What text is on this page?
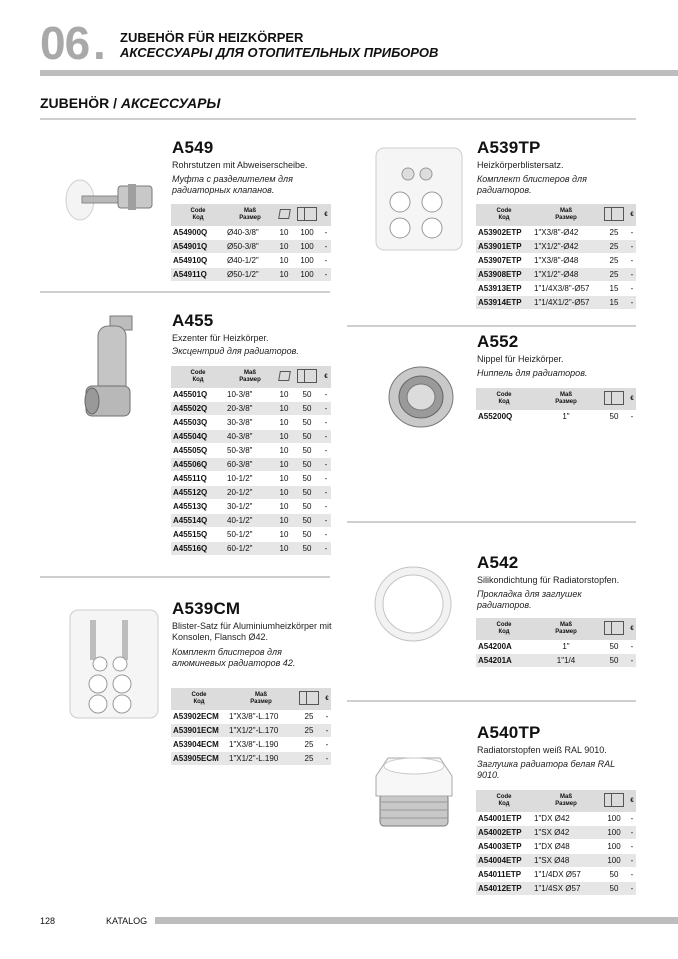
06 . ZUBEHÖR FÜR HEIZKÖRPER
АКСЕССУАРЫ ДЛЯ ОТОПИТЕЛЬНЫХ ПРИБОРОВ
ZUBEHÖR / АКСЕССУАРЫ
A549
Rohrstutzen mit Abweiserscheibe.
Муфта с разделителем для радиаторных клапанов.
Code
Код	Maß
Размер			€
A54900Q	Ø40-3/8"	10	100	-
A54901Q	Ø50-3/8"	10	100	-
A54910Q	Ø40-1/2"	10	100	-
A54911Q	Ø50-1/2"	10	100	-
A455
Exzenter für Heizkörper.
Эксцентрид для радиаторов.
Code
Код	Maß
Размер			€
A45501Q	10-3/8"	10	50	-
A45502Q	20-3/8"	10	50	-
A45503Q	30-3/8"	10	50	-
A45504Q	40-3/8"	10	50	-
A45505Q	50-3/8"	10	50	-
A45506Q	60-3/8"	10	50	-
A45511Q	10-1/2"	10	50	-
A45512Q	20-1/2"	10	50	-
A45513Q	30-1/2"	10	50	-
A45514Q	40-1/2"	10	50	-
A45515Q	50-1/2"	10	50	-
A45516Q	60-1/2"	10	50	-
A539CM
Blister-Satz für Aluminiumheizkörper mit Konsolen, Flansch Ø42.
Комплект блистеров для алюминевых радиаторов 42.
Code
Код	Maß
Размер		€
A53902ECM	1"X3/8"-L.170	25	-
A53901ECM	1"X1/2"-L.170	25	-
A53904ECM	1"X3/8"-L.190	25	-
A53905ECM	1"X1/2"-L.190	25	-
A539TP
Heizkörperblistersatz.
Комплект блистеров для радиаторов.
Code
Код	Maß
Размер		€
A53902ETP	1"X3/8"-Ø42	25	-
A53901ETP	1"X1/2"-Ø42	25	-
A53907ETP	1"X3/8"-Ø48	25	-
A53908ETP	1"X1/2"-Ø48	25	-
A53913ETP	1"1/4X3/8"-Ø57	15	-
A53914ETP	1"1/4X1/2"-Ø57	15	-
A552
Nippel für Heizkörper.
Ниппель для радиаторов.
Code
Код	Maß
Размер		€
A55200Q	1"	50	-
A542
Silikondichtung für Radiatorstopfen.
Прокладка для заглушек радиаторов.
Code
Код	Maß
Размер		€
A54200A	1"	50	-
A54201A	1"1/4	50	-
A540TP
Radiatorstopfen weiß RAL 9010.
Заглушка радиатора белая RAL 9010.
Code
Код	Maß
Размер		€
A54001ETP	1"DX Ø42	100	-
A54002ETP	1"SX Ø42	100	-
A54003ETP	1"DX Ø48	100	-
A54004ETP	1"SX Ø48	100	-
A54011ETP	1"1/4DX Ø57	50	-
A54012ETP	1"1/4SX Ø57	50	-
128	KATALOG
